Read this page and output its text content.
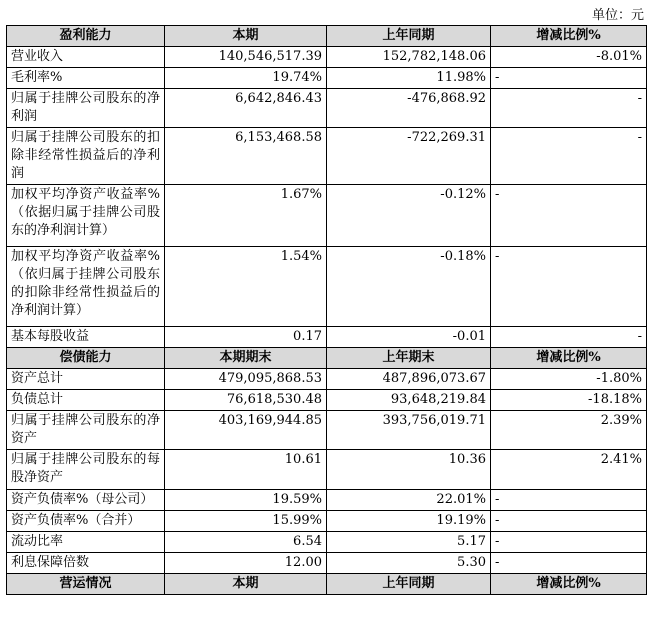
单位：元
盈利能力	本期	上年同期	增减比例%
营业收入	140,546,517.39	152,782,148.06	-8.01%
毛利率%	19.74%	11.98%	-
归属于挂牌公司股东的净利润	6,642,846.43	-476,868.92	-
归属于挂牌公司股东的扣除非经常性损益后的净利润	6,153,468.58	-722,269.31	-
加权平均净资产收益率%（依据归属于挂牌公司股东的净利润计算）	1.67%	-0.12%	-
加权平均净资产收益率%（依归属于挂牌公司股东的扣除非经常性损益后的净利润计算）	1.54%	-0.18%	-
基本每股收益	0.17	-0.01	-
偿债能力	本期期末	上年期末	增减比例%
资产总计	479,095,868.53	487,896,073.67	-1.80%
负债总计	76,618,530.48	93,648,219.84	-18.18%
归属于挂牌公司股东的净资产	403,169,944.85	393,756,019.71	2.39%
归属于挂牌公司股东的每股净资产	10.61	10.36	2.41%
资产负债率%（母公司）	19.59%	22.01%	-
资产负债率%（合并）	15.99%	19.19%	-
流动比率	6.54	5.17	-
利息保障倍数	12.00	5.30	-
营运情况	本期	上年同期	增减比例%
